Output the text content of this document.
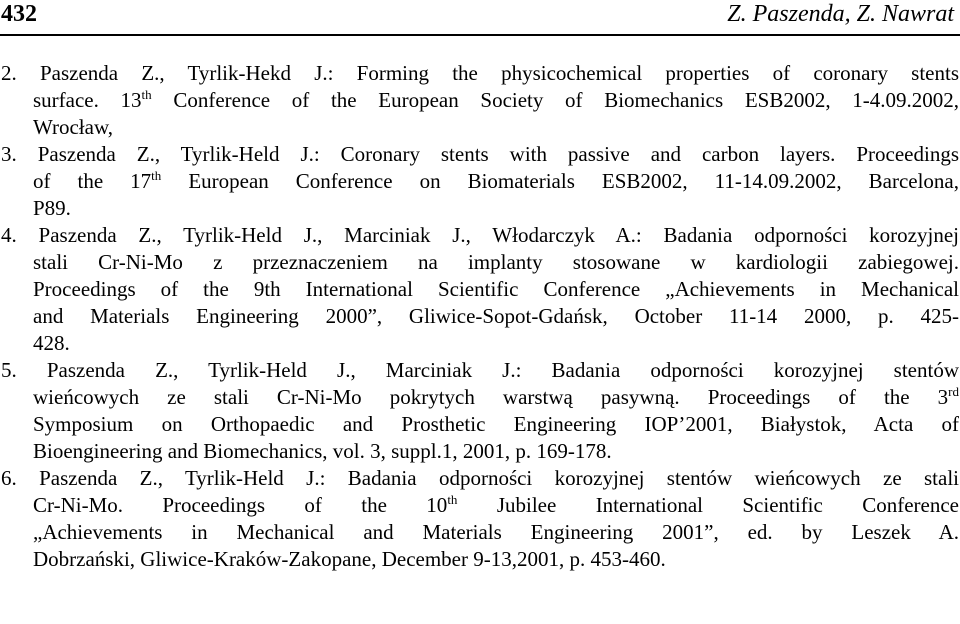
432	Z. Paszenda, Z. Nawrat
2. Paszenda Z., Tyrlik-Hekd J.: Forming the physicochemical properties of coronary stents
surface. 13th Conference of the European Society of Biomechanics ESB2002, 1-4.09.2002,
Wrocław,
3. Paszenda Z., Tyrlik-Held J.: Coronary stents with passive and carbon layers. Proceedings
of the 17th European Conference on Biomaterials ESB2002, 11-14.09.2002, Barcelona,
P89.
4. Paszenda Z., Tyrlik-Held J., Marciniak J., Włodarczyk A.: Badania odporności korozyjnej
stali Cr-Ni-Mo z przeznaczeniem na implanty stosowane w kardiologii zabiegowej.
Proceedings of the 9th International Scientific Conference „Achievements in Mechanical
and Materials Engineering 2000”, Gliwice-Sopot-Gdańsk, October 11-14 2000, p. 425-
428.
5. Paszenda Z., Tyrlik-Held J., Marciniak J.: Badania odporności korozyjnej stentów
wieńcowych ze stali Cr-Ni-Mo pokrytych warstwą pasywną. Proceedings of the 3rd
Symposium on Orthopaedic and Prosthetic Engineering IOP’2001, Białystok, Acta of
Bioengineering and Biomechanics, vol. 3, suppl.1, 2001, p. 169-178.
6. Paszenda Z., Tyrlik-Held J.: Badania odporności korozyjnej stentów wieńcowych ze stali
Cr-Ni-Mo. Proceedings of the 10th Jubilee International Scientific Conference
„Achievements in Mechanical and Materials Engineering 2001”, ed. by Leszek A.
Dobrzański, Gliwice-Kraków-Zakopane, December 9-13,2001, p. 453-460.
